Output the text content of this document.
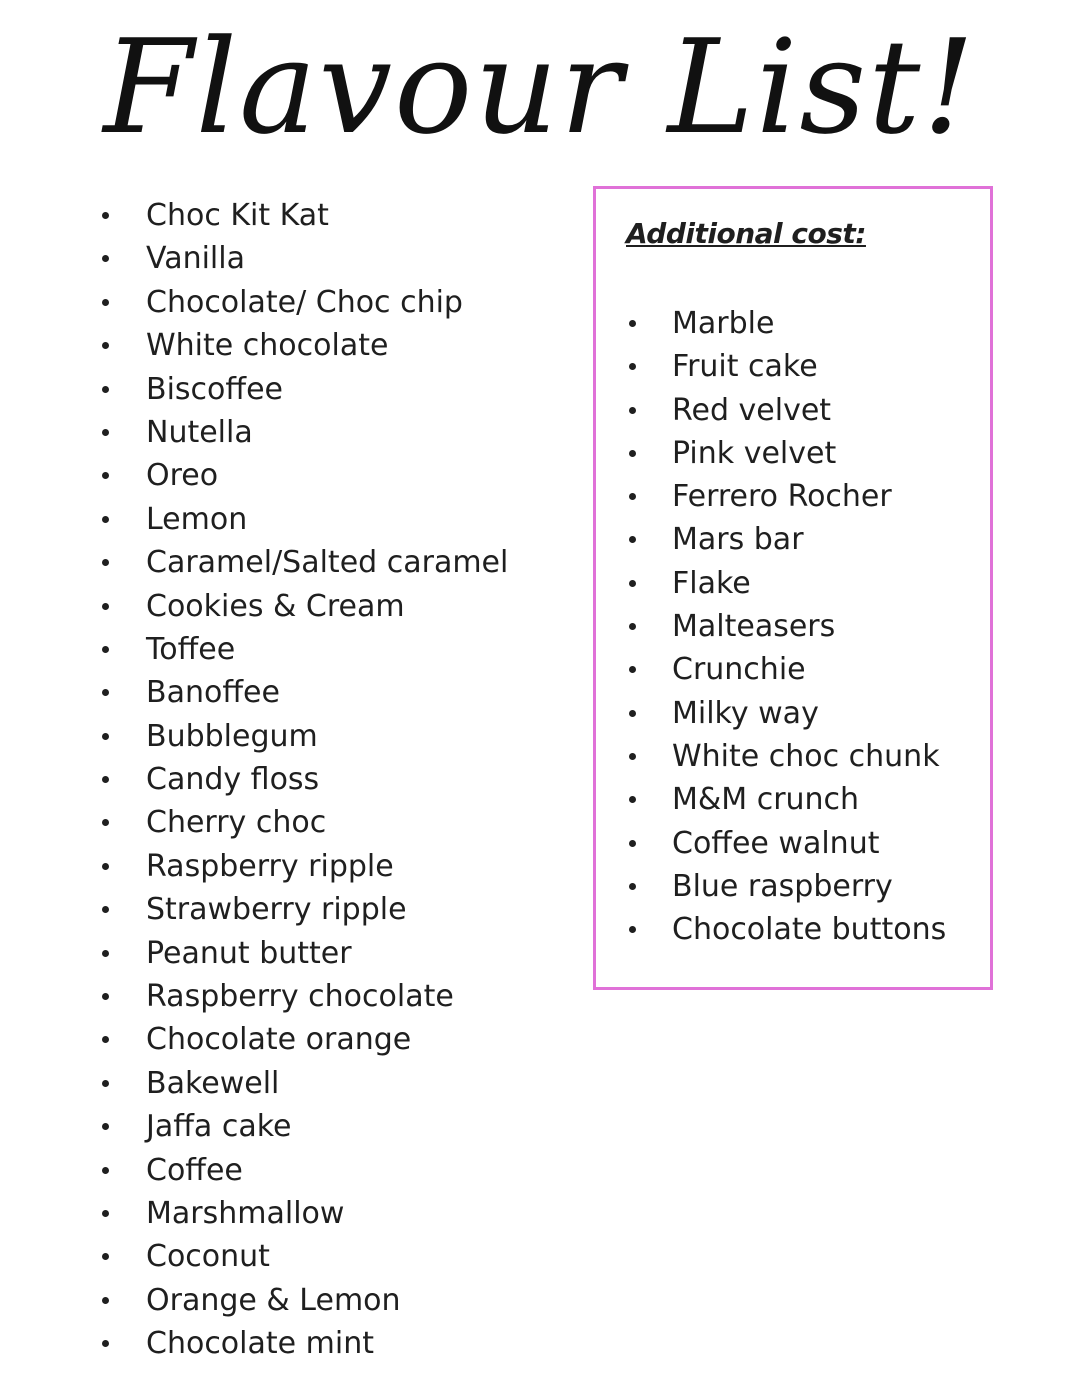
Flavour List!
Choc Kit Kat
Vanilla
Chocolate/ Choc chip
White chocolate
Biscoffee
Nutella
Oreo
Lemon
Caramel/Salted caramel
Cookies & Cream
Toffee
Banoffee
Bubblegum
Candy floss
Cherry choc
Raspberry ripple
Strawberry ripple
Peanut butter
Raspberry chocolate
Chocolate orange
Bakewell
Jaffa cake
Coffee
Marshmallow
Coconut
Orange & Lemon
Chocolate mint
Additional cost:
Marble
Fruit cake
Red velvet
Pink velvet
Ferrero Rocher
Mars bar
Flake
Malteasers
Crunchie
Milky way
White choc chunk
M&M crunch
Coffee walnut
Blue raspberry
Chocolate buttons
